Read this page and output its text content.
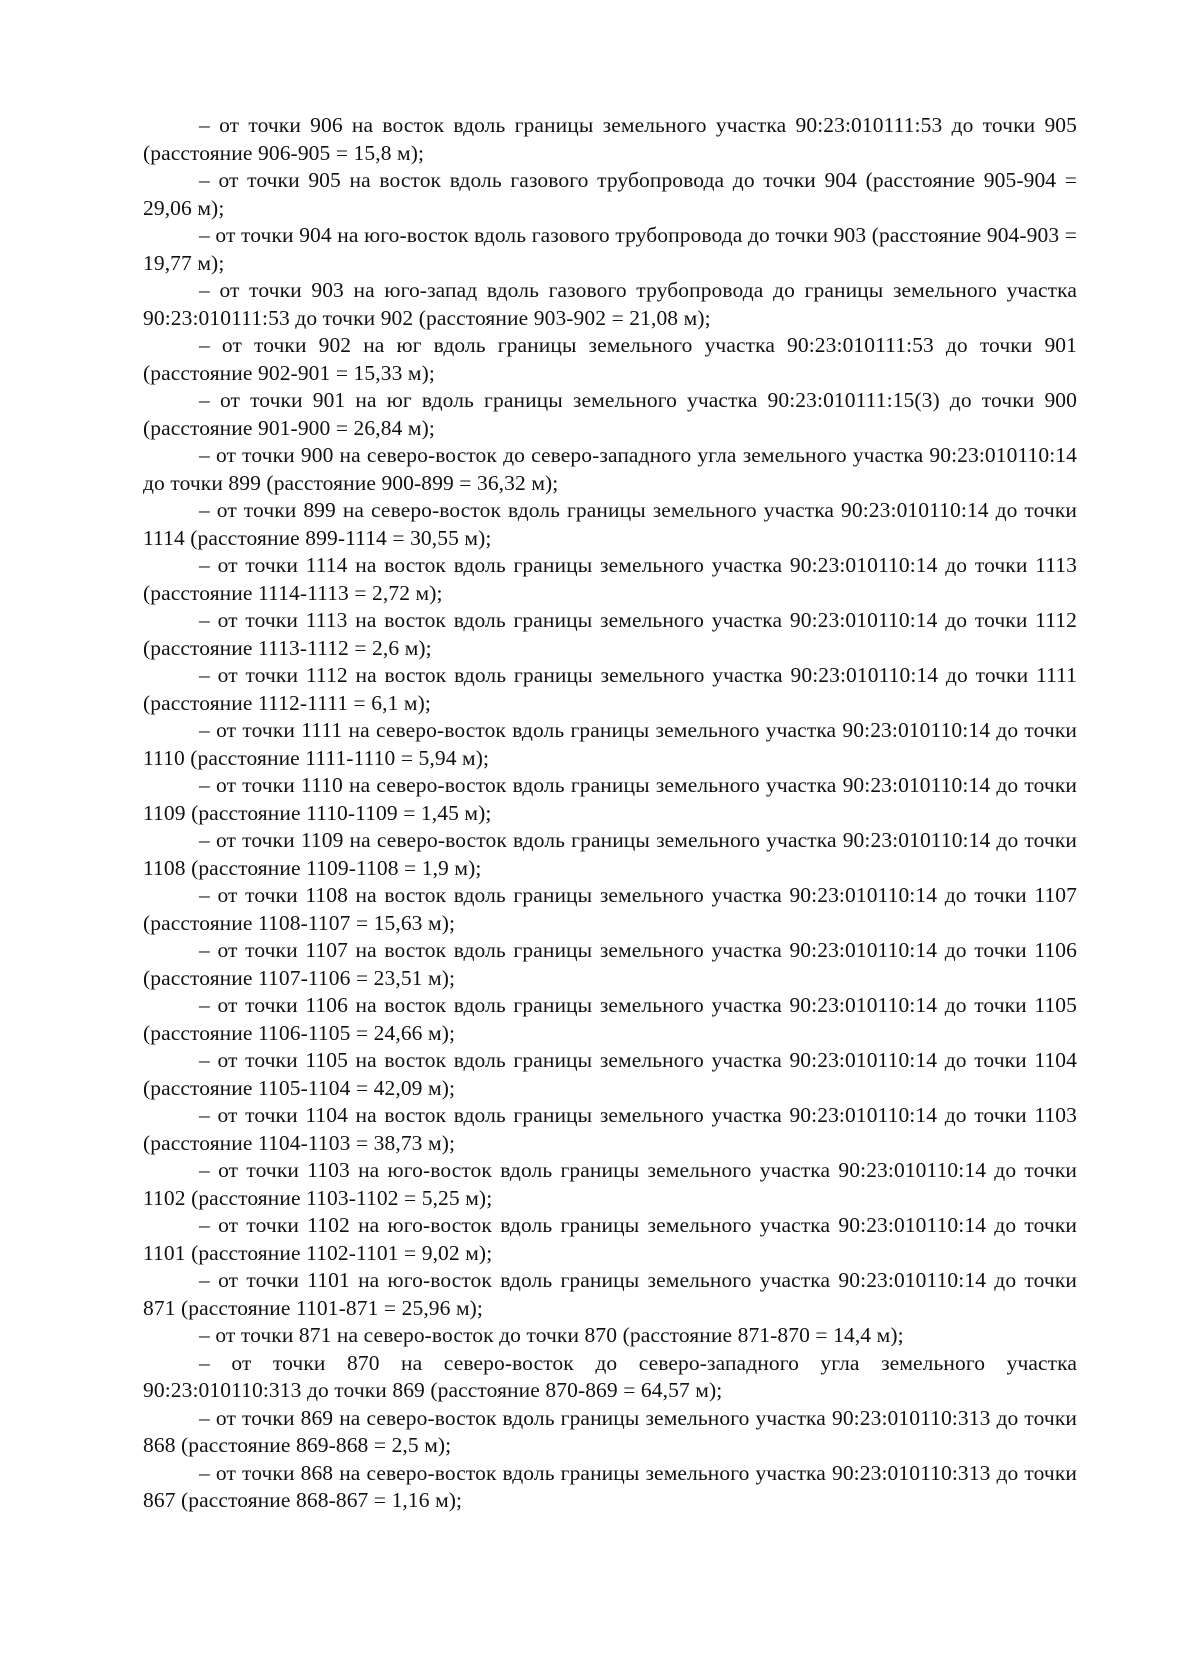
– от точки 906 на восток вдоль границы земельного участка 90:23:010111:53 до точки 905 (расстояние 906-905 = 15,8 м);

– от точки 905 на восток вдоль газового трубопровода до точки 904 (расстояние 905-904 = 29,06 м);

– от точки 904 на юго-восток вдоль газового трубопровода до точки 903 (расстояние 904-903 = 19,77 м);

– от точки 903 на юго-запад вдоль газового трубопровода до границы земельного участка 90:23:010111:53 до точки 902 (расстояние 903-902 = 21,08 м);

– от точки 902 на юг вдоль границы земельного участка 90:23:010111:53 до точки 901 (расстояние 902-901 = 15,33 м);

– от точки 901 на юг вдоль границы земельного участка 90:23:010111:15(3) до точки 900 (расстояние 901-900 = 26,84 м);

– от точки 900 на северо-восток до северо-западного угла земельного участка 90:23:010110:14 до точки 899 (расстояние 900-899 = 36,32 м);

– от точки 899 на северо-восток вдоль границы земельного участка 90:23:010110:14 до точки 1114 (расстояние 899-1114 = 30,55 м);

– от точки 1114 на восток вдоль границы земельного участка 90:23:010110:14 до точки 1113 (расстояние 1114-1113 = 2,72 м);

– от точки 1113 на восток вдоль границы земельного участка 90:23:010110:14 до точки 1112 (расстояние 1113-1112 = 2,6 м);

– от точки 1112 на восток вдоль границы земельного участка 90:23:010110:14 до точки 1111 (расстояние 1112-1111 = 6,1 м);

– от точки 1111 на северо-восток вдоль границы земельного участка 90:23:010110:14 до точки 1110 (расстояние 1111-1110 = 5,94 м);

– от точки 1110 на северо-восток вдоль границы земельного участка 90:23:010110:14 до точки 1109 (расстояние 1110-1109 = 1,45 м);

– от точки 1109 на северо-восток вдоль границы земельного участка 90:23:010110:14 до точки 1108 (расстояние 1109-1108 = 1,9 м);

– от точки 1108 на восток вдоль границы земельного участка 90:23:010110:14 до точки 1107 (расстояние 1108-1107 = 15,63 м);

– от точки 1107 на восток вдоль границы земельного участка 90:23:010110:14 до точки 1106 (расстояние 1107-1106 = 23,51 м);

– от точки 1106 на восток вдоль границы земельного участка 90:23:010110:14 до точки 1105 (расстояние 1106-1105 = 24,66 м);

– от точки 1105 на восток вдоль границы земельного участка 90:23:010110:14 до точки 1104 (расстояние 1105-1104 = 42,09 м);

– от точки 1104 на восток вдоль границы земельного участка 90:23:010110:14 до точки 1103 (расстояние 1104-1103 = 38,73 м);

– от точки 1103 на юго-восток вдоль границы земельного участка 90:23:010110:14 до точки 1102 (расстояние 1103-1102 = 5,25 м);

– от точки 1102 на юго-восток вдоль границы земельного участка 90:23:010110:14 до точки 1101 (расстояние 1102-1101 = 9,02 м);

– от точки 1101 на юго-восток вдоль границы земельного участка 90:23:010110:14 до точки 871 (расстояние 1101-871 = 25,96 м);

– от точки 871 на северо-восток до точки 870 (расстояние 871-870 = 14,4 м);

– от точки 870 на северо-восток до северо-западного угла земельного участка 90:23:010110:313 до точки 869 (расстояние 870-869 = 64,57 м);

– от точки 869 на северо-восток вдоль границы земельного участка 90:23:010110:313 до точки 868 (расстояние 869-868 = 2,5 м);

– от точки 868 на северо-восток вдоль границы земельного участка 90:23:010110:313 до точки 867 (расстояние 868-867 = 1,16 м);
